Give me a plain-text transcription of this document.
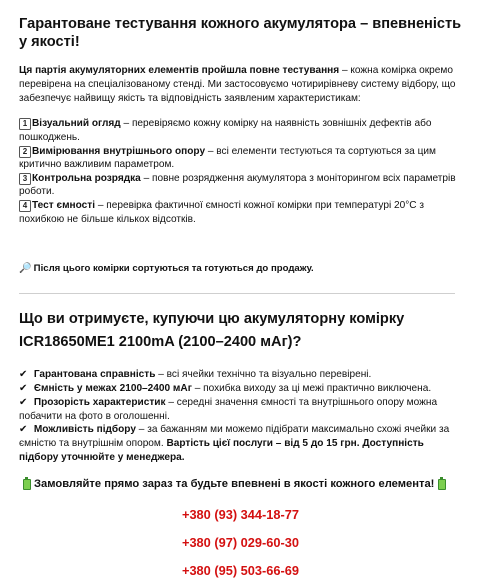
Гарантоване тестування кожного акумулятора – впевненість у якості!

Ця партія акумуляторних елементів пройшла повне тестування – кожна комірка окремо перевірена на спеціалізованому стенді. Ми застосовуємо чотирирівневу систему відбору, що забезпечує найвищу якість та відповідність заявленим характеристикам:

1 Візуальний огляд – перевіряємо кожну комірку на наявність зовнішніх дефектів або пошкоджень.
2 Вимірювання внутрішнього опору – всі елементи тестуються та сортуються за цим критично важливим параметром.
3 Контрольна розрядка – повне розрядження акумулятора з моніторингом всіх параметрів роботи.
4 Тест ємності – перевірка фактичної ємності кожної комірки при температурі 20°C з похибкою не більше кількох відсотків.

🔎 Після цього комірки сортуються та готуються до продажу.

Що ви отримуєте, купуючи цю акумуляторну комірку ICR18650ME1 2100mA (2100–2400 мАг)?
✔ Гарантована справність – всі ячейки технічно та візуально перевірені.
✔ Ємність у межах 2100–2400 мАг – похибка виходу за ці межі практично виключена.
✔ Прозорість характеристик – середні значення ємності та внутрішнього опору можна побачити на фото в оголошенні.
✔ Можливість підбору – за бажанням ми можемо підібрати максимально схожі ячейки за ємністю та внутрішнім опором. Вартість цієї послуги – від 5 до 15 грн. Доступність підбору уточнюйте у менеджера.

Замовляйте прямо зараз та будьте впевнені в якості кожного елемента!

+380 (93) 344-18-77
+380 (97) 029-60-30
+380 (95) 503-66-69
